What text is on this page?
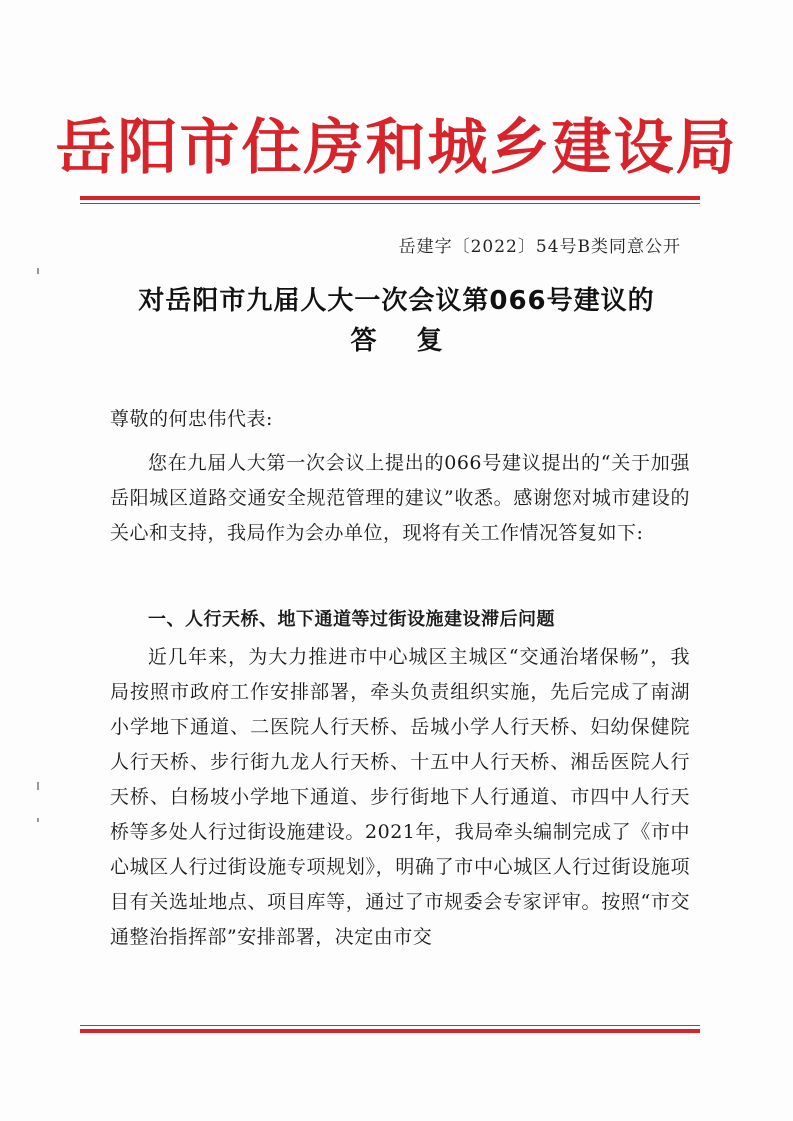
岳阳市住房和城乡建设局
岳建字〔2022〕54号B类同意公开
对岳阳市九届人大一次会议第066号建议的
答复
尊敬的何忠伟代表:
您在九届人大第一次会议上提出的066号建议提出的“关于加强岳阳城区道路交通安全规范管理的建议”收悉。感谢您对城市建设的关心和支持，我局作为会办单位，现将有关工作情况答复如下:
一、人行天桥、地下通道等过街设施建设滞后问题
近几年来，为大力推进市中心城区主城区“交通治堵保畅”，我局按照市政府工作安排部署，牵头负责组织实施，先后完成了南湖小学地下通道、二医院人行天桥、岳城小学人行天桥、妇幼保健院人行天桥、步行街九龙人行天桥、十五中人行天桥、湘岳医院人行天桥、白杨坡小学地下通道、步行街地下人行通道、市四中人行天桥等多处人行过街设施建设。2021年，我局牵头编制完成了《市中心城区人行过街设施专项规划》，明确了市中心城区人行过街设施项目有关选址地点、项目库等，通过了市规委会专家评审。按照“市交通整治指挥部”安排部署，决定由市交
